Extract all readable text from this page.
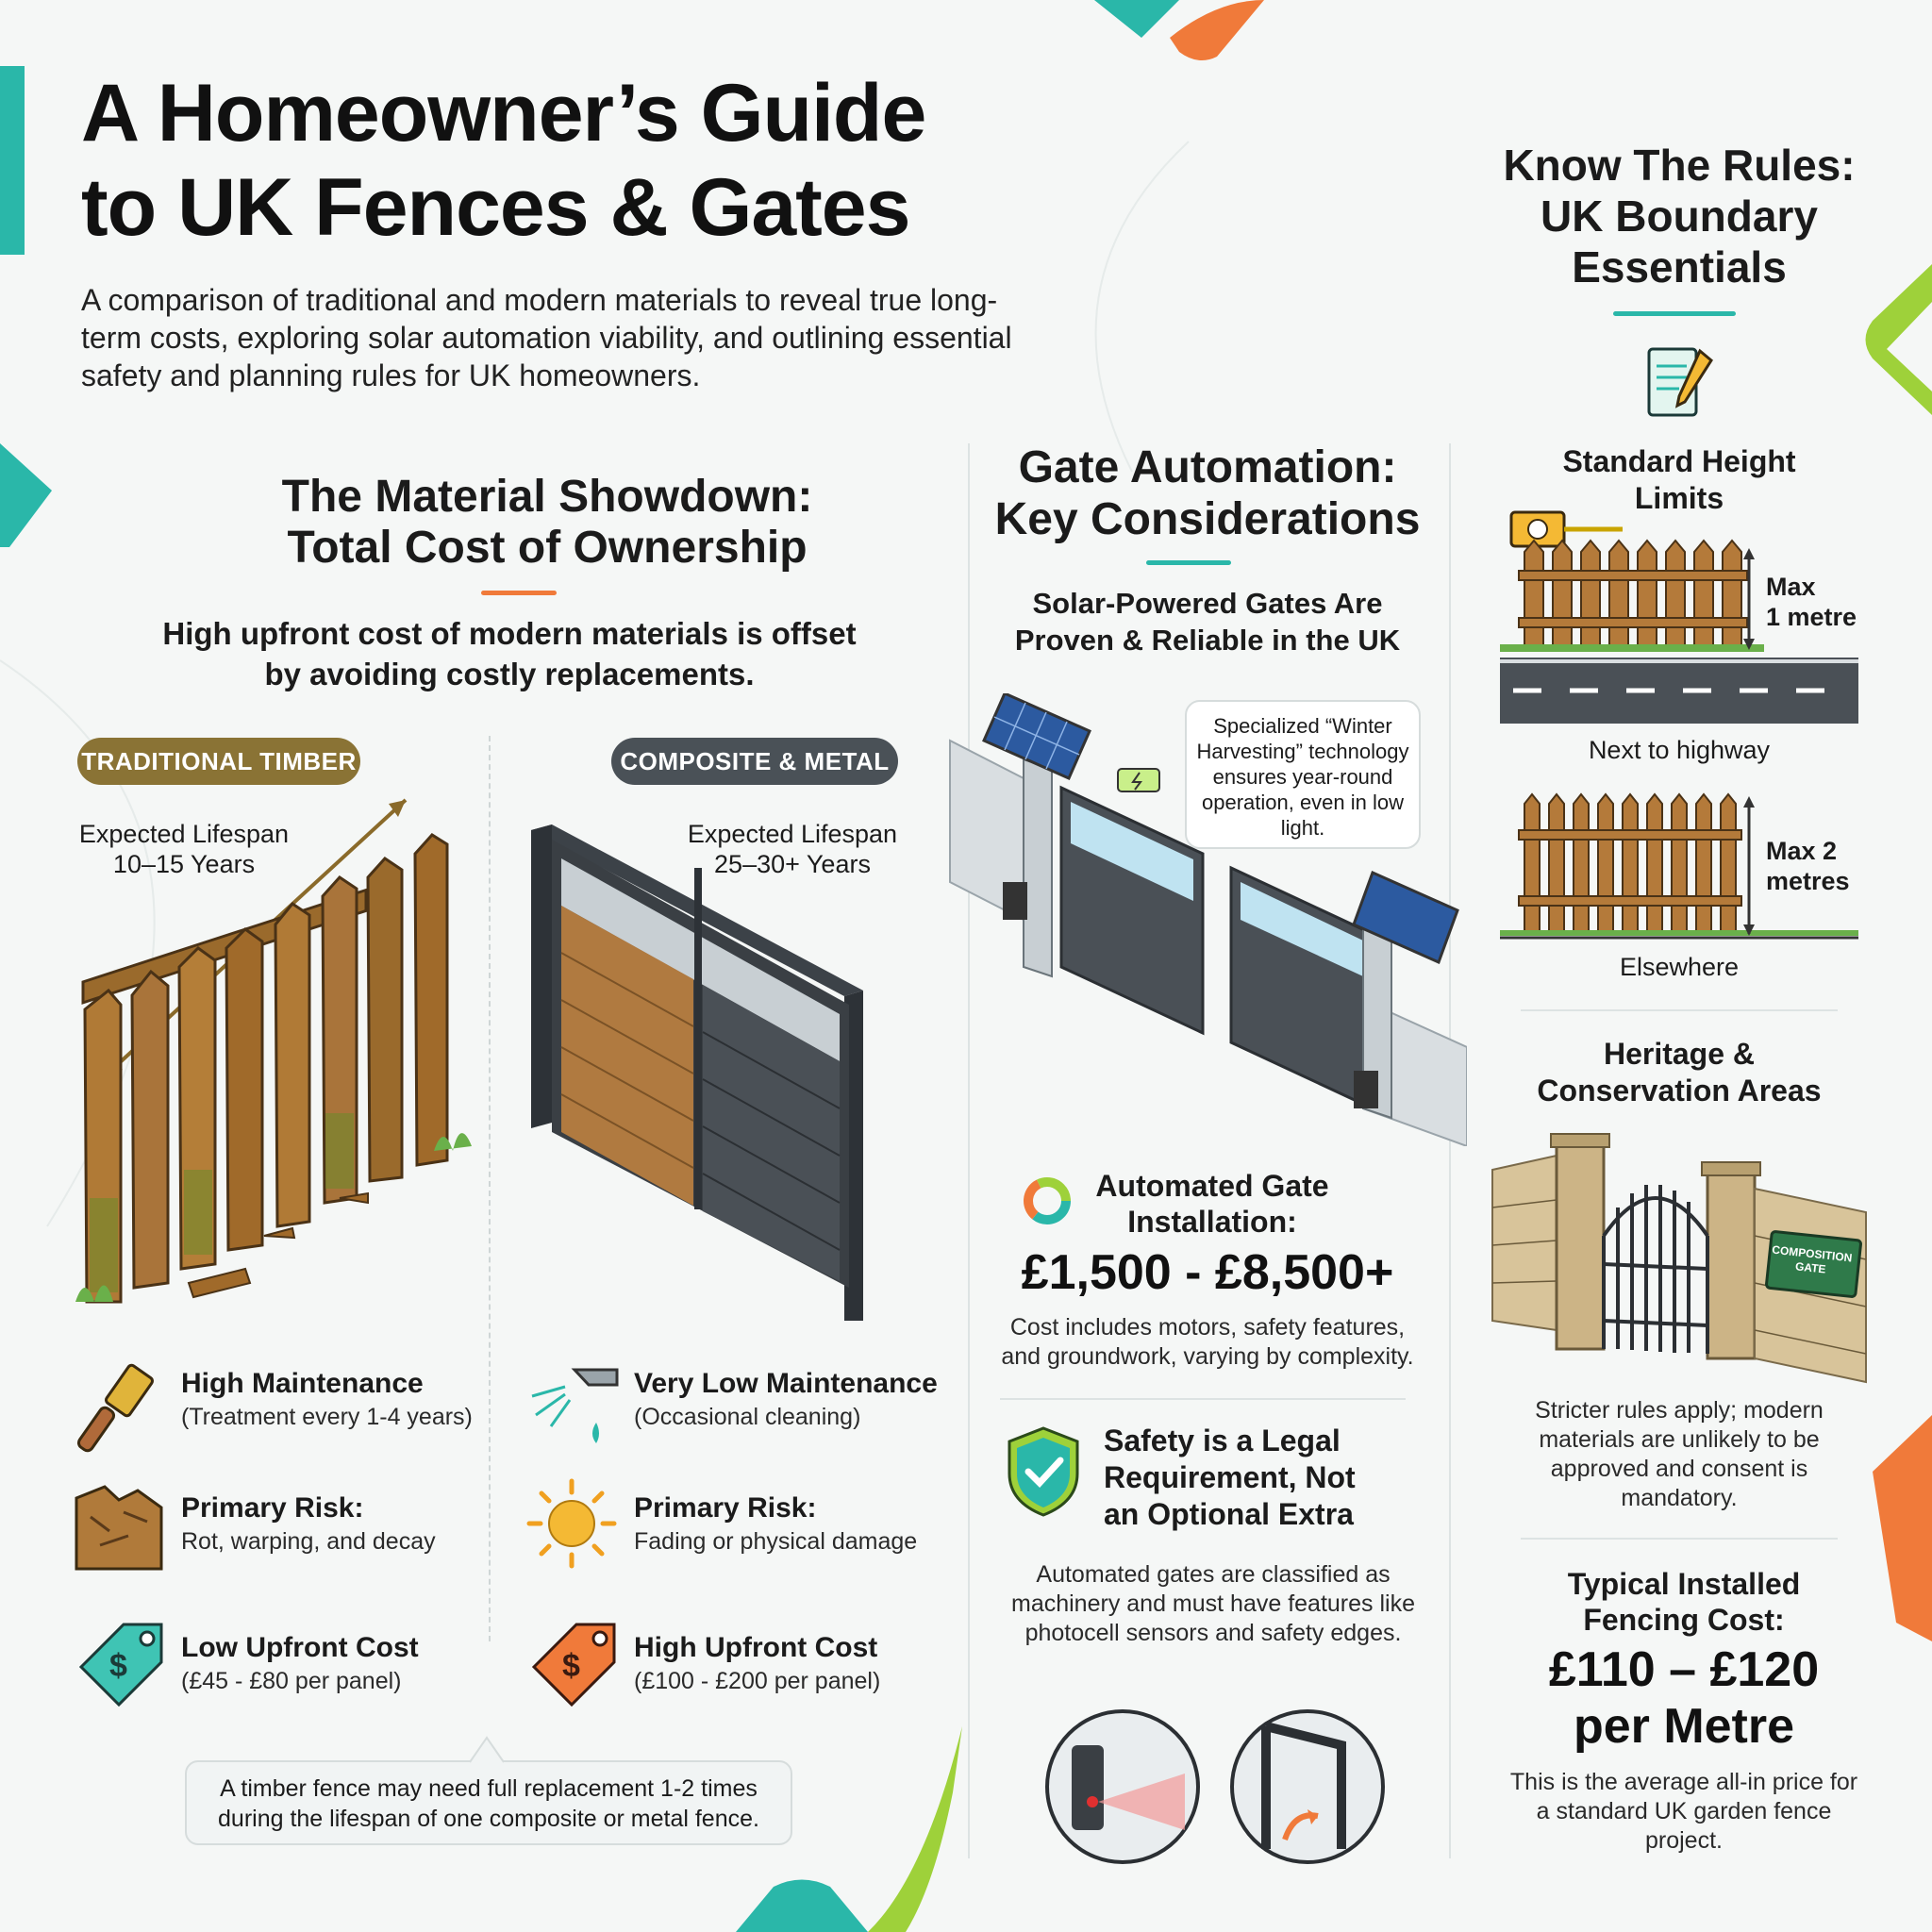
A Homeowner’s Guide
to UK Fences & Gates
A comparison of traditional and modern materials to reveal true long-term costs, exploring solar automation viability, and outlining essential safety and planning rules for UK homeowners.
The Material Showdown:
Total Cost of Ownership
High upfront cost of modern materials is offset by avoiding costly replacements.
TRADITIONAL TIMBER	COMPOSITE & METAL
Expected Lifespan
10–15 Years
Expected Lifespan
25–30+ Years
High Maintenance
(Treatment every 1-4 years)
Primary Risk:
Rot, warping, and decay
$
Low Upfront Cost
(£45 - £80 per panel)
Very Low Maintenance
(Occasional cleaning)
Primary Risk:
Fading or physical damage
$
High Upfront Cost
(£100 - £200 per panel)
A timber fence may need full replacement 1-2 times during the lifespan of one composite or metal fence.
Gate Automation:
Key Considerations
Solar-Powered Gates Are
Proven & Reliable in the UK
Specialized “Winter Harvesting” technology ensures year-round operation, even in low light.
Automated Gate
Installation:
£1,500 - £8,500+
Cost includes motors, safety features, and groundwork, varying by complexity.
Safety is a Legal
Requirement, Not
an Optional Extra
Automated gates are classified as machinery and must have features like photocell sensors and safety edges.
Know The Rules:
UK Boundary
Essentials
Standard Height
Limits
Max
1 metre
Next to highway
Max 2
metres
Elsewhere
Heritage &
Conservation Areas
COMPOSITION
GATE
Stricter rules apply; modern materials are unlikely to be approved and consent is mandatory.
Typical Installed
Fencing Cost:
£110 – £120
per Metre
This is the average all-in price for a standard UK garden fence project.
